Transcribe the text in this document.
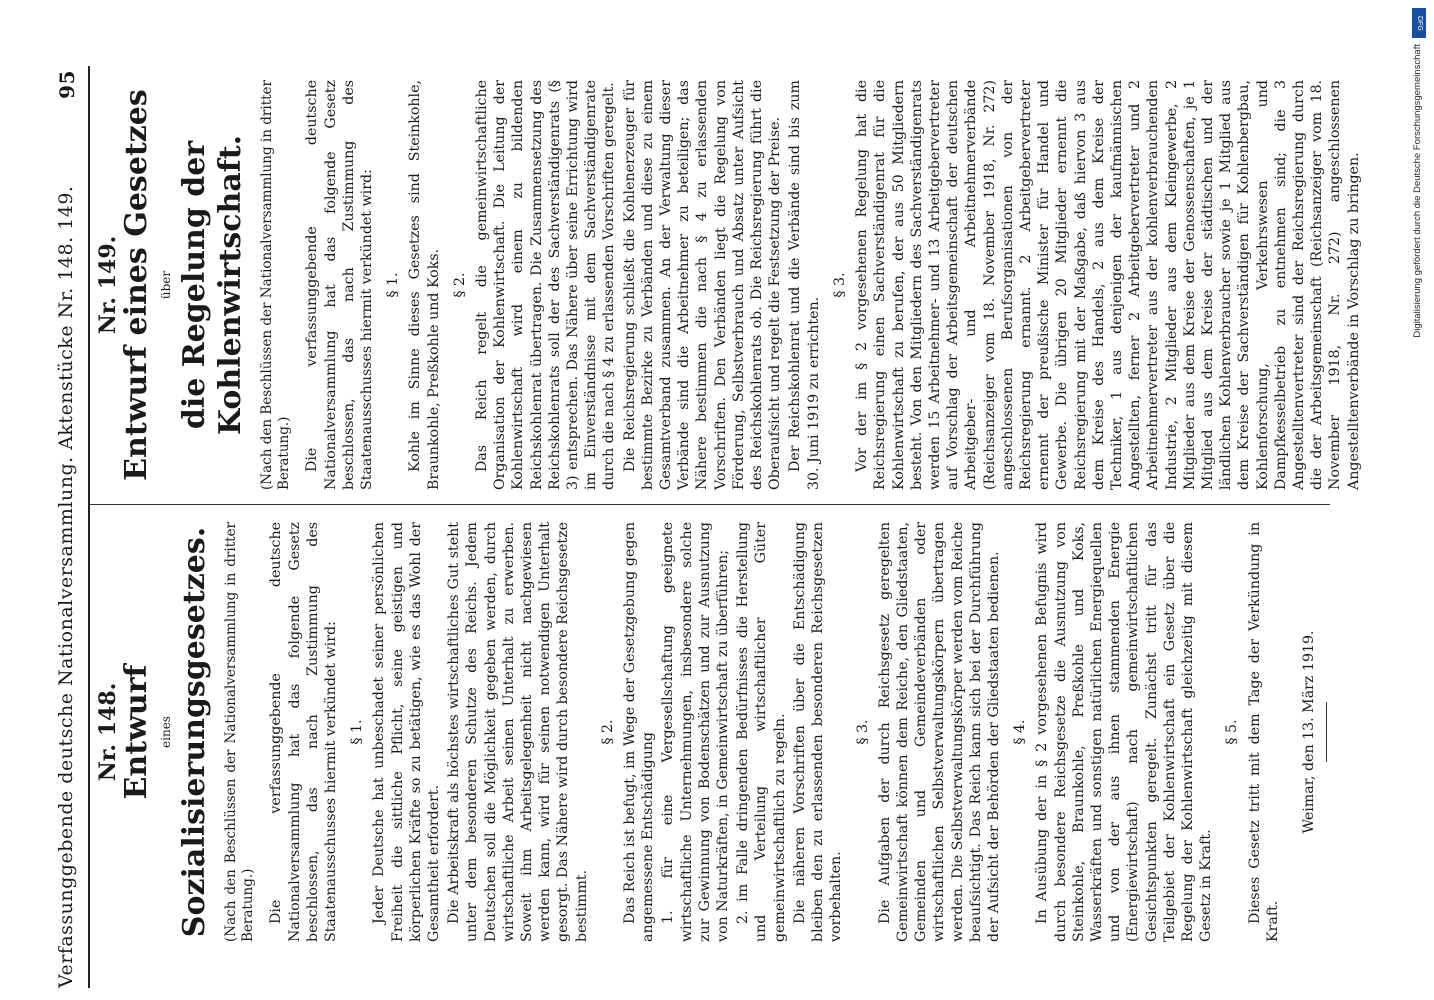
Verfassunggebende deutsche Nationalversammlung. Aktenstücke Nr. 148. 149.
95
Nr. 148.
Entwurf eines Sozialisierungsgesetzes. (Nach den Beschlüssen der Nationalversammlung in dritter Beratung.) Die verfassunggebende deutsche Nationalversammlung hat das folgende Gesetz beschlossen, das nach Zustimmung des Staatenausschusses hiermit verkündet wird: § 1. Jeder Deutsche hat unbeschadet seiner persönlichen Freiheit die sittliche Pflicht, seine geistigen und körperlichen Kräfte so zu betätigen, wie es das Wohl der Gesamtheit erfordert. Die Arbeitskraft als höchstes wirtschaftliches Gut steht unter dem besonderen Schutze des Reichs. Jedem Deutschen soll die Möglichkeit gegeben werden, durch wirtschaftliche Arbeit seinen Unterhalt zu erwerben. Soweit ihm Arbeitsgelegenheit nicht nachgewiesen werden kann, wird für seinen notwendigen Unterhalt gesorgt. Das Nähere wird durch besondere Reichsgesetze bestimmt.

§ 2. Das Reich ist befugt, im Wege der Gesetzgebung gegen angemessene Entschädigung 1. für eine Vergesellschaftung geeignete wirtschaftliche Unternehmungen, insbesondere solche zur Gewinnung von Bodenschätzen und zur Ausnutzung von Naturkräften, in Gemeinwirtschaft zu überführen; 2. im Falle dringenden Bedürfnisses die Herstellung und Verteilung wirtschaftlicher Güter gemeinwirtschaftlich zu regeln. Die näheren Vorschriften über die Entschädigung bleiben den zu erlassenden besonderen Reichsgesetzen vorbehalten.

§ 3. Die Aufgaben der durch Reichsgesetz geregelten Gemeinwirtschaft können dem Reiche, den Gliedstaaten, Gemeinden und Gemeindeverbänden oder wirtschaftlichen Selbstverwaltungskörpern übertragen werden. Die Selbstverwaltungskörper werden vom Reiche beaufsichtigt. Das Reich kann sich bei der Durchführung der Aufsicht der Behörden der Gliedstaaten bedienen. § 4. In Ausübung der in § 2 vorgesehenen Befugnis wird durch besondere Reichsgesetze die Ausnutzung von Steinkohle, Braunkohle, Preßkohle und Koks, Wasserkräften und sonstigen natürlichen Energiequellen und von der aus ihnen stammenden Energie (Energiewirtschaft) nach gemeinwirtschaftlichen Gesichtspunkten geregelt. Zunächst tritt für das Teilgebiet der Kohlenwirtschaft ein Gesetz über die Regelung der Kohlenwirtschaft gleichzeitig mit diesem Gesetz in Kraft.

§ 5. Dieses Gesetz tritt mit dem Tage der Verkündung in Kraft.

Weimar, den 13. März 1919.
Nr. 149.
Entwurf eines Gesetzes über die Regelung der Kohlenwirtschaft. (Nach den Beschlüssen der Nationalversammlung in dritter Beratung.) Die verfassunggebende deutsche Nationalversammlung hat das folgende Gesetz beschlossen, das nach Zustimmung des Staatenausschusses hiermit verkündet wird: § 1. Kohle im Sinne dieses Gesetzes sind Steinkohle, Braunkohle, Preßkohle und Koks. § 2. Das Reich regelt die gemeinwirtschaftliche Organisation der Kohlenwirtschaft. Die Leitung der Kohlenwirtschaft wird einem zu bildenden Reichskohlenrat übertragen. Die Zusammensetzung des Reichskohlenrats soll der des Sachverständigenrats (§ 3) entsprechen. Das Nähere über seine Errichtung wird im Einverständnisse mit dem Sachverständigenrate durch die nach § 4 zu erlassenden Vorschriften geregelt. Die Reichsregierung schließt die Kohlenerzeuger für bestimmte Bezirke zu Verbänden und diese zu einem Gesamtverband zusammen. An der Verwaltung dieser Verbände sind die Arbeitnehmer zu beteiligen; das Nähere bestimmen die nach § 4 zu erlassenden Vorschriften. Den Verbänden liegt die Regelung von Förderung, Selbstverbrauch und Absatz unter Aufsicht des Reichskohlenrats ob. Die Reichsregierung führt die Oberaufsicht und regelt die Festsetzung der Preise. Der Reichskohlenrat und die Verbände sind bis zum 30. Juni 1919 zu errichten.

§ 3. Vor der im § 2 vorgesehenen Regelung hat die Reichsregierung einen Sachverständigenrat für die Kohlenwirtschaft zu berufen, der aus 50 Mitgliedern besteht. Von den Mitgliedern des Sachverständigenrats werden 15 Arbeitnehmer- und 13 Arbeitgebervertreter auf Vorschlag der Arbeitsgemeinschaft der deutschen Arbeitgeber- und Arbeitnehmerverbände (Reichsanzeiger vom 18. November 1918, Nr. 272) angeschlossenen Berufsorganisationen von der Reichsregierung ernannt. 2 Arbeitgebervertreter ernennt der preußische Minister für Handel und Gewerbe. Die übrigen 20 Mitglieder ernennt die Reichsregierung mit der Maßgabe, daß hiervon 3 aus dem Kreise des Handels, 2 aus dem Kreise der Techniker, 1 aus denjenigen der kaufmännischen Angestellten, ferner 2 Arbeitgebervertreter und 2 Arbeitnehmervertreter aus der kohlenverbrauchenden Industrie, 2 Mitglieder aus dem Kleingewerbe, 2 Mitglieder aus dem Kreise der Genossenschaften, je 1 Mitglied aus dem Kreise der städtischen und der ländlichen Kohlenverbraucher sowie je 1 Mitglied aus dem Kreise der Sachverständigen für Kohlenbergbau, Kohlenforschung, Verkehrswesen und Dampfkesselbetrieb zu entnehmen sind; die 3 Angestelltenvertreter sind der Reichsregierung durch die der Arbeitsgemeinschaft (Reichsanzeiger vom 18. November 1918, Nr. 272) angeschlossenen Angestelltenverbände in Vorschlag zu bringen.

DFG
Digitalisierung gefördert durch die Deutsche Forschungsgemeinschaft
